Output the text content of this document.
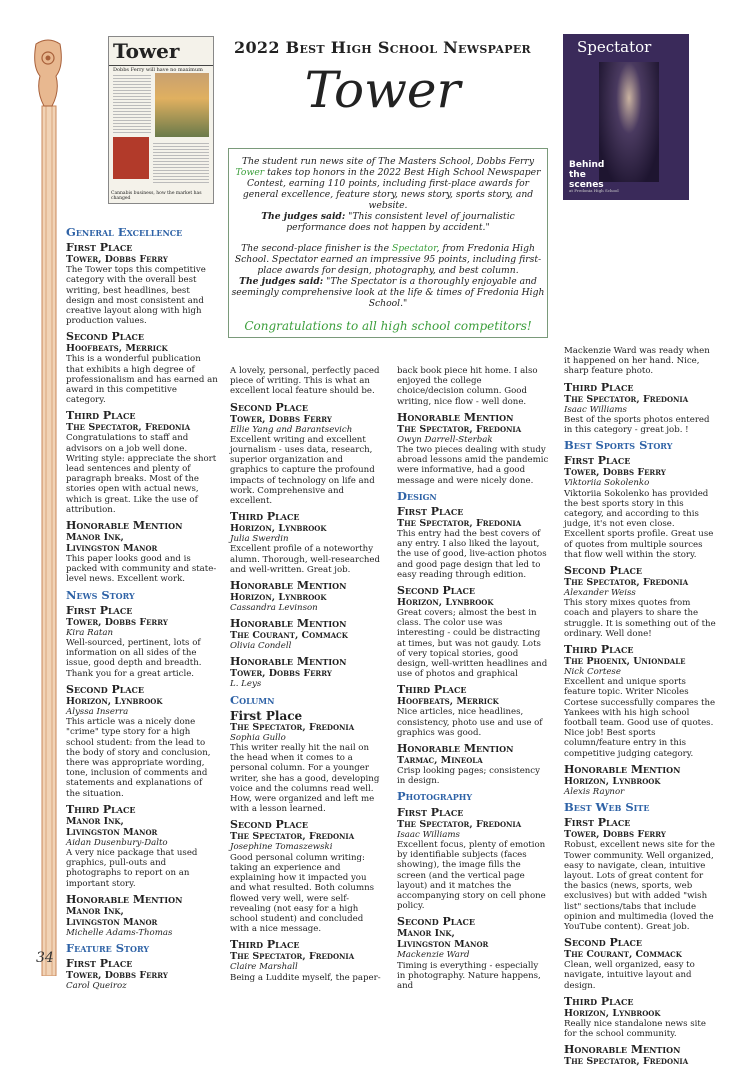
Tower
Dobbs Ferry will have no maximum
Cannabis business, how the market has changed
Spectator
Behind the scenes
at Fredonia High School
2022 Best High School Newspaper
Tower

The student run news site of The Masters School, Dobbs Ferry Tower takes top honors in the 2022 Best High School Newspaper Contest, earning 110 points, including first-place awards for general excellence, feature story, news story, sports story, and website.
The judges said: "This consistent level of journalistic performance does not happen by accident."

The second-place finisher is the Spectator, from Fredonia High School. Spectator earned an impressive 95 points, including first-place awards for design, photography, and best column.
The judges said: "The Spectator is a thoroughly enjoyable and seemingly comprehensive look at the life & times of Fredonia High School."

Congratulations to all high school competitors!

General Excellence
First Place
Tower, Dobbs Ferry
The Tower tops this competitive category with the overall best writing, best headlines, best design and most consistent and creative layout along with high production values.
Second Place
Hoofbeats, Merrick
This is a wonderful publication that exhibits a high degree of professionalism and has earned an award in this competitive category.
Third Place
The Spectator, Fredonia
Congratulations to staff and advisors on a job well done. Writing style: appreciate the short lead sentences and plenty of paragraph breaks. Most of the stories open with actual news, which is great. Like the use of attribution.
Honorable Mention
Manor Ink,
Livingston Manor
This paper looks good and is packed with community and state-level news. Excellent work.
News Story
First Place
Tower, Dobbs Ferry
Kira Ratan
Well-sourced, pertinent, lots of information on all sides of the issue, good depth and breadth. Thank you for a great article.
Second Place
Horizon, Lynbrook
Alyssa Inserra
This article was a nicely done "crime" type story for a high school student: from the lead to the body of story and conclusion, there was appropriate wording, tone, inclusion of comments and statements and explanations of the situation.
Third Place
Manor Ink,
Livingston Manor
Aidan Dusenbury-Dalto
A very nice package that used graphics, pull-outs and photographs to report on an important story.
Honorable Mention
Manor Ink,
Livingston Manor
Michelle Adams-Thomas
Feature Story
First Place
Tower, Dobbs Ferry
Carol Queiroz
A lovely, personal, perfectly paced piece of writing. This is what an excellent local feature should be.
Second Place
Tower, Dobbs Ferry
Ellie Yang and Barantsevich
Excellent writing and excellent journalism - uses data, research, superior organization and graphics to capture the profound impacts of technology on life and work. Comprehensive and excellent.
Third Place
Horizon, Lynbrook
Julia Swerdin
Excellent profile of a noteworthy alumn. Thorough, well-researched and well-written. Great job.
Honorable Mention
Horizon, Lynbrook
Cassandra Levinson
Honorable Mention
The Courant, Commack
Olivia Condell
Honorable Mention
Tower, Dobbs Ferry
L. Leys
Column
First Place
The Spectator, Fredonia
Sophia Gullo
This writer really hit the nail on the head when it comes to a personal column. For a younger writer, she has a good, developing voice and the columns read well. How, were organized and left me with a lesson learned.
Second Place
The Spectator, Fredonia
Josephine Tomaszewski
Good personal column writing: taking an experience and explaining how it impacted you and what resulted. Both columns flowed very well, were self-revealing (not easy for a high school student) and concluded with a nice message.
Third Place
The Spectator, Fredonia
Claire Marshall
Being a Luddite myself, the paper-
back book piece hit home. I also enjoyed the college choice/decision column. Good writing, nice flow - well done.
Honorable Mention
The Spectator, Fredonia
Owyn Darrell-Sterbak
The two pieces dealing with study abroad lessons amid the pandemic were informative, had a good message and were nicely done.
Design
First Place
The Spectator, Fredonia
This entry had the best covers of any entry. I also liked the layout, the use of good, live-action photos and good page design that led to easy reading through edition.
Second Place
Horizon, Lynbrook
Great covers; almost the best in class. The color use was interesting - could be distracting at times, but was not gaudy. Lots of very topical stories, good design, well-written headlines and use of photos and graphical
Third Place
Hoofbeats, Merrick
Nice articles, nice headlines, consistency, photo use and use of graphics was good.
Honorable Mention
Tarmac, Mineola
Crisp looking pages; consistency in design.
Photography
First Place
The Spectator, Fredonia
Isaac Williams
Excellent focus, plenty of emotion by identifiable subjects (faces showing), the image fills the screen (and the vertical page layout) and it matches the accompanying story on cell phone policy.
Second Place
Manor Ink,
Livingston Manor
Mackenzie Ward
Timing is everything - especially in photography. Nature happens, and
Mackenzie Ward was ready when it happened on her hand. Nice, sharp feature photo.
Third Place
The Spectator, Fredonia
Isaac Williams
Best of the sports photos entered in this category - great job. !
Best Sports Story
First Place
Tower, Dobbs Ferry
Viktoriia Sokolenko
Viktoriia Sokolenko has provided the best sports story in this category, and according to this judge, it's not even close. Excellent sports profile. Great use of quotes from multiple sources that flow well within the story.
Second Place
The Spectator, Fredonia
Alexander Weiss
This story mixes quotes from coach and players to share the struggle. It is something out of the ordinary. Well done!
Third Place
The Phoenix, Uniondale
Nick Cortese
Excellent and unique sports feature topic. Writer Nicoles Cortese successfully compares the Yankees with his high school football team. Good use of quotes. Nice job! Best sports column/feature entry in this competitive judging category.
Honorable Mention
Horizon, Lynbrook
Alexis Raynor
Best Web Site
First Place
Tower, Dobbs Ferry
Robust, excellent news site for the Tower community. Well organized, easy to navigate, clean, intuitive layout. Lots of great content for the basics (news, sports, web exclusives) but with added "wish list" sections/tabs that include opinion and multimedia (loved the YouTube content). Great job.
Second Place
The Courant, Commack
Clean, well organized, easy to navigate, intuitive layout and design.
Third Place
Horizon, Lynbrook
Really nice standalone news site for the school community.
Honorable Mention
The Spectator, Fredonia
34
